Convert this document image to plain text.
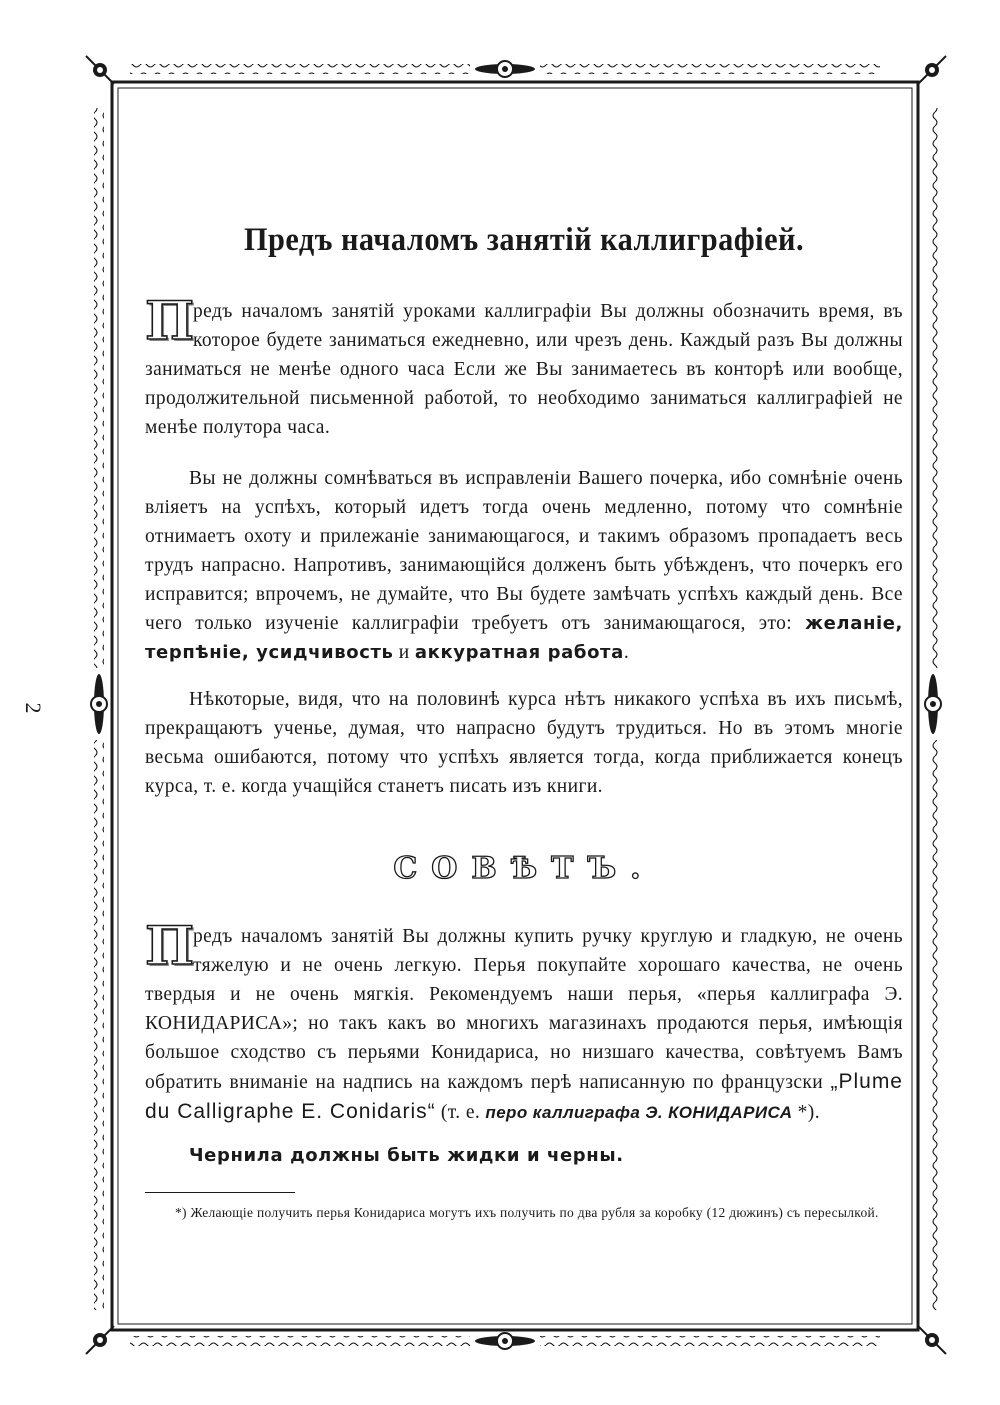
2
Предъ началомъ занятій каллиграфіей.

П
редъ началомъ занятій уроками каллиграфіи Вы должны обозначить время, въ которое будете заниматься ежедневно, или чрезъ день. Каждый разъ Вы должны заниматься не менѣе одного часа Если же Вы занимаетесь въ конторѣ или вообще, продолжительной письменной работой, то необходимо заниматься каллиграфіей не менѣе полутора часа.

Вы не должны сомнѣваться въ исправленіи Вашего почерка, ибо сомнѣніе очень вліяетъ на успѣхъ, который идетъ тогда очень медленно, потому что сомнѣніе отнимаетъ охоту и прилежаніе занимающагося, и такимъ образомъ пропадаетъ весь трудъ напрасно. Напротивъ, занимающійся долженъ быть убѣжденъ, что почеркъ его исправится; впрочемъ, не думайте, что Вы будете замѣчать успѣхъ каждый день. Все чего только изученіе каллиграфіи требуетъ отъ занимающагося, это: желаніе, терпѣніе, усидчивость и аккуратная работа.

Нѣкоторые, видя, что на половинѣ курса нѣтъ никакого успѣха въ ихъ письмѣ, прекращаютъ ученье, думая, что напрасно будутъ трудиться. Но въ этомъ многіе весьма ошибаются, потому что успѣхъ является тогда, когда приближается конецъ курса, т. е. когда учащійся станетъ писать изъ книги.

СОВѢТЪ.

П
редъ началомъ занятій Вы должны купить ручку круглую и гладкую, не очень тяжелую и не очень легкую. Перья покупайте хорошаго качества, не очень твердыя и не очень мягкія. Рекомендуемъ наши перья, «перья каллиграфа Э. КОНИДАРИСА»; но такъ какъ во многихъ магазинахъ продаются перья, имѣющія большое сходство съ перьями Конидариса, но низшаго качества, совѣтуемъ Вамъ обратить вниманіе на надпись на каждомъ перѣ написанную по французски „Plume du Calligraphe E. Conidaris“ (т. е. перо каллиграфа Э. КОНИДАРИСА *).

Чернила должны быть жидки и черны.

*) Желающіе получить перья Конидариса могутъ ихъ получить по два рубля за коробку (12 дюжинъ) съ пересылкой.
